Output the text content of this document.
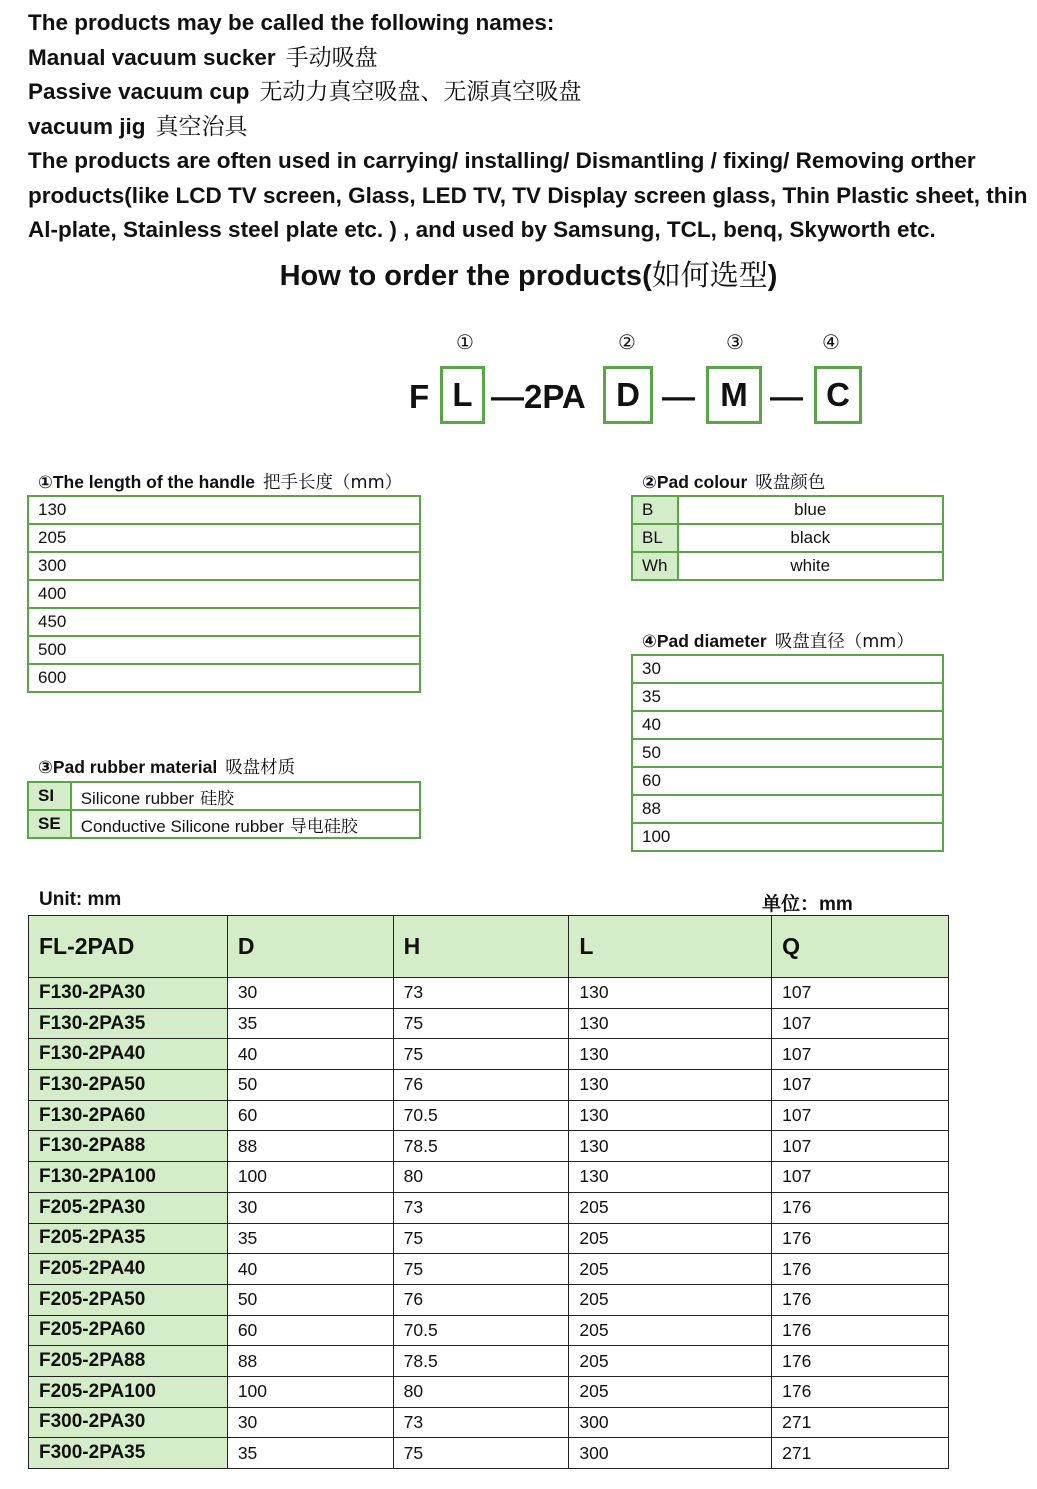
The products may be called the following names:
Manual vacuum sucker 手动吸盘
Passive vacuum cup 无动力真空吸盘、无源真空吸盘
vacuum jig 真空治具
The products are often used in carrying/ installing/ Dismantling / fixing/ Removing orther
products(like LCD TV screen, Glass, LED TV, TV Display screen glass, Thin Plastic sheet, thin
Al-plate, Stainless steel plate etc. ) , and used by Samsung, TCL, benq, Skyworth etc.
How to order the products(如何选型)
①	②	③	④
F L —2PA D — M — C
①The length of the handle 把手长度（mm）
130
205
300
400
450
500
600
③Pad rubber material 吸盘材质
SI	Silicone rubber 硅胶
SE	Conductive Silicone rubber 导电硅胶
②Pad colour 吸盘颜色
B	blue
BL	black
Wh	white
④Pad diameter 吸盘直径（mm）
30
35
40
50
60
88
100
Unit: mm	单位：mm
FL-2PAD	D	H	L	Q
F130-2PA30	30	73	130	107
F130-2PA35	35	75	130	107
F130-2PA40	40	75	130	107
F130-2PA50	50	76	130	107
F130-2PA60	60	70.5	130	107
F130-2PA88	88	78.5	130	107
F130-2PA100	100	80	130	107
F205-2PA30	30	73	205	176
F205-2PA35	35	75	205	176
F205-2PA40	40	75	205	176
F205-2PA50	50	76	205	176
F205-2PA60	60	70.5	205	176
F205-2PA88	88	78.5	205	176
F205-2PA100	100	80	205	176
F300-2PA30	30	73	300	271
F300-2PA35	35	75	300	271
